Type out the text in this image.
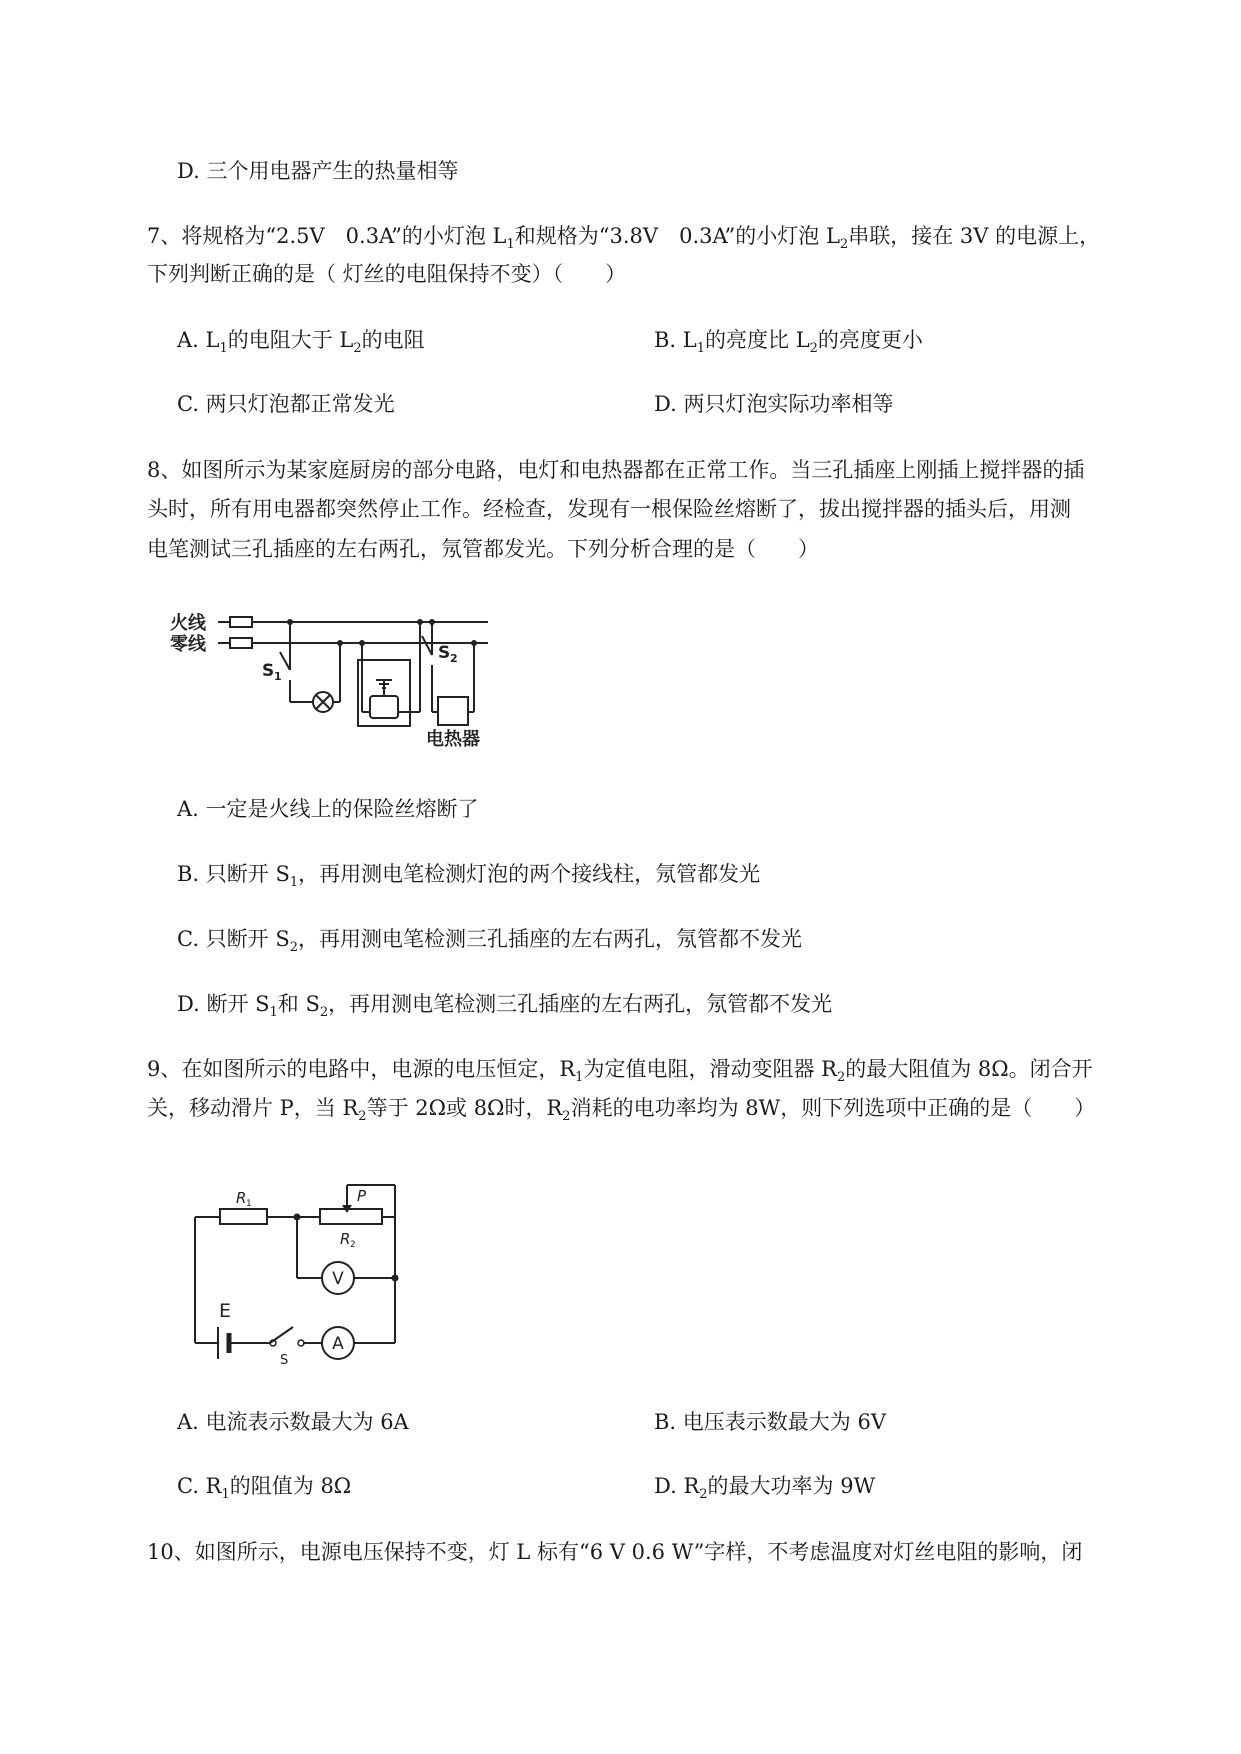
D. 三个用电器产生的热量相等
7、将规格为“2.5V　0.3A”的小灯泡 $L_1$和规格为“3.8V　0.3A”的小灯泡 $L_2$串联，接在 3V 的电源上，
下列判断正确的是（ 灯丝的电阻保持不变）（　　）
A. $L_1$的电阻大于 $L_2$的电阻	B. $L_1$的亮度比 $L_2$的亮度更小
C. 两只灯泡都正常发光	D. 两只灯泡实际功率相等
8、如图所示为某家庭厨房的部分电路，电灯和电热器都在正常工作。当三孔插座上刚插上搅拌器的插
头时，所有用电器都突然停止工作。经检查，发现有一根保险丝熔断了，拔出搅拌器的插头后，用测
电笔测试三孔插座的左右两孔，氖管都发光。下列分析合理的是（　　）
火线
零线
S 1
S 2
电热器
A. 一定是火线上的保险丝熔断了
B. 只断开 $S_1$，再用测电笔检测灯泡的两个接线柱，氖管都发光
C. 只断开 $S_2$，再用测电笔检测三孔插座的左右两孔，氖管都不发光
D. 断开 $S_1$和 $S_2$，再用测电笔检测三孔插座的左右两孔，氖管都不发光
9、在如图所示的电路中，电源的电压恒定，$R_1$为定值电阻，滑动变阻器 $R_2$的最大阻值为 8Ω。闭合开
关，移动滑片 P，当 $R_2$等于 2Ω或 8Ω时，$R_2$消耗的电功率均为 8W，则下列选项中正确的是（　　）
R 1
R 2
P
V
A
E
S
A. 电流表示数最大为 6A	B. 电压表示数最大为 6V
C. $R_1$的阻值为 8Ω	D. $R_2$的最大功率为 9W
10、如图所示，电源电压保持不变，灯 L 标有“6 V 0.6 W”字样，不考虑温度对灯丝电阻的影响，闭
